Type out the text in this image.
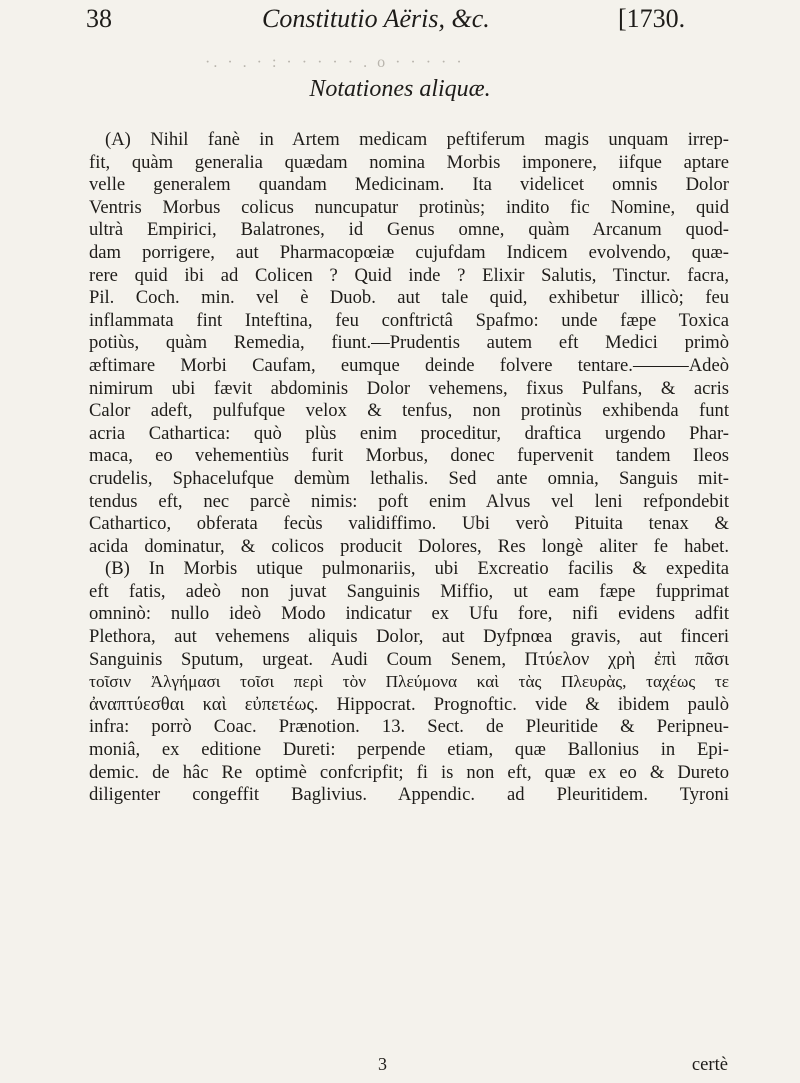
38	Constitutio Aëris, &c.	[1730.
·. · . · : · · · · · . o · · · · ·
Notationes aliquæ.
(A) Nihil fanè in Artem medicam peftiferum magis unquam irrep-
fit, quàm generalia quædam nomina Morbis imponere, iifque aptare
velle generalem quandam Medicinam. Ita videlicet omnis Dolor
Ventris Morbus colicus nuncupatur protinùs; indito fic Nomine, quid
ultrà Empirici, Balatrones, id Genus omne, quàm Arcanum quod-
dam porrigere, aut Pharmacopœiæ cujufdam Indicem evolvendo, quæ-
rere quid ibi ad Colicen ? Quid inde ? Elixir Salutis, Tinctur. facra,
Pil. Coch. min. vel è Duob. aut tale quid, exhibetur illicò; feu
inflammata fint Inteftina, feu conftrictâ Spafmo: unde fæpe Toxica
potiùs, quàm Remedia, fiunt.—Prudentis autem eft Medici primò
æftimare Morbi Caufam, eumque deinde folvere tentare.———Adeò
nimirum ubi fævit abdominis Dolor vehemens, fixus Pulfans, & acris
Calor adeft, pulfufque velox & tenfus, non protinùs exhibenda funt
acria Cathartica: quò plùs enim proceditur, draftica urgendo Phar-
maca, eo vehementiùs furit Morbus, donec fupervenit tandem Ileos
crudelis, Sphacelufque demùm lethalis. Sed ante omnia, Sanguis mit-
tendus eft, nec parcè nimis: poft enim Alvus vel leni refpondebit
Cathartico, obferata fecùs validiffimo. Ubi verò Pituita tenax &
acida dominatur, & colicos producit Dolores, Res longè aliter fe habet.
(B) In Morbis utique pulmonariis, ubi Excreatio facilis & expedita
eft fatis, adeò non juvat Sanguinis Miffio, ut eam fæpe fupprimat
omninò: nullo ideò Modo indicatur ex Ufu fore, nifi evidens adfit
Plethora, aut vehemens aliquis Dolor, aut Dyfpnœa gravis, aut finceri
Sanguinis Sputum, urgeat. Audi Coum Senem, Πτύελον χρὴ ἐπὶ πᾶσι
τοῖσιν Ἀλγήμασι τοῖσι περὶ τὸν Πλεύμονα καὶ τὰς Πλευρὰς, ταχέως τε
ἀναπτύεσθαι καὶ εὐπετέως. Hippocrat. Prognoftic. vide & ibidem paulò
infra: porrò Coac. Prænotion. 13. Sect. de Pleuritide & Peripneu-
moniâ, ex editione Dureti: perpende etiam, quæ Ballonius in Epi-
demic. de hâc Re optimè confcripfit; fi is non eft, quæ ex eo & Dureto
diligenter congeffit Baglivius. Appendic. ad Pleuritidem. Tyroni
3	certè
